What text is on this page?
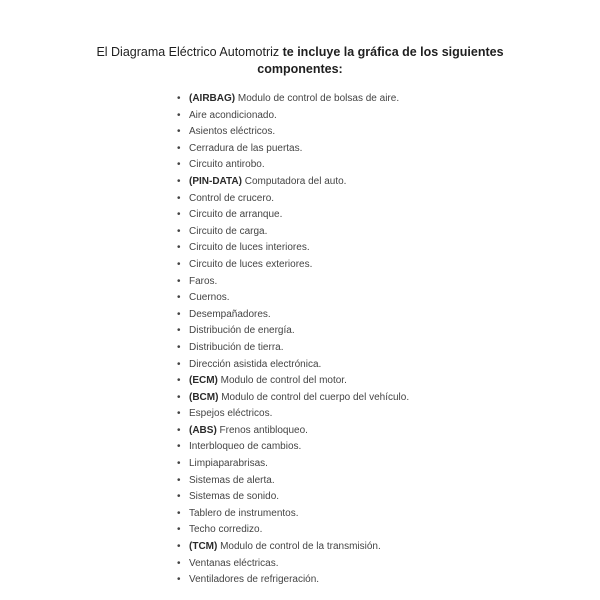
El Diagrama Eléctrico Automotriz te incluye la gráfica de los siguientes componentes:
• (AIRBAG) Modulo de control de bolsas de aire.
• Aire acondicionado.
• Asientos eléctricos.
• Cerradura de las puertas.
• Circuito antirobo.
• (PIN-DATA) Computadora del auto.
• Control de crucero.
• Circuito de arranque.
• Circuito de carga.
• Circuito de luces interiores.
• Circuito de luces exteriores.
• Faros.
• Cuernos.
• Desempañadores.
• Distribución de energía.
• Distribución de tierra.
• Dirección asistida electrónica.
• (ECM) Modulo de control del motor.
• (BCM) Modulo de control del cuerpo del vehículo.
• Espejos eléctricos.
• (ABS) Frenos antibloqueo.
• Interbloqueo de cambios.
• Limpiaparabrisas.
• Sistemas de alerta.
• Sistemas de sonido.
• Tablero de instrumentos.
• Techo corredizo.
• (TCM) Modulo de control de la transmisión.
• Ventanas eléctricas.
• Ventiladores de refrigeración.
